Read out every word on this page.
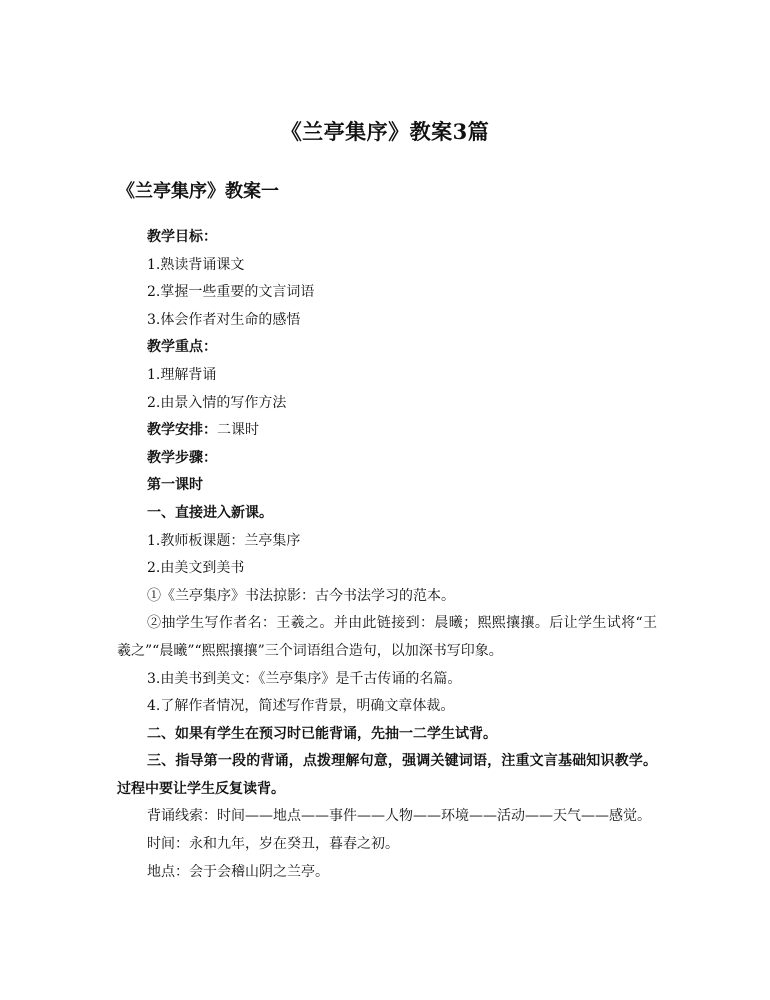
《兰亭集序》教案3篇
《兰亭集序》教案一
教学目标：
1.熟读背诵课文
2.掌握一些重要的文言词语
3.体会作者对生命的感悟
教学重点：
1.理解背诵
2.由景入情的写作方法
教学安排：二课时
教学步骤：
第一课时
一、直接进入新课。
1.教师板课题：兰亭集序
2.由美文到美书
①《兰亭集序》书法掠影：古今书法学习的范本。
②抽学生写作者名：王羲之。并由此链接到：晨曦；熙熙攘攘。后让学生试将“王羲之”“晨曦”“熙熙攘攘”三个词语组合造句，以加深书写印象。
3.由美书到美文：《兰亭集序》是千古传诵的名篇。
4.了解作者情况，简述写作背景，明确文章体裁。
二、如果有学生在预习时已能背诵，先抽一二学生试背。
三、指导第一段的背诵，点拨理解句意，强调关键词语，注重文言基础知识教学。过程中要让学生反复读背。
背诵线索：时间——地点——事件——人物——环境——活动——天气——感觉。
时间：永和九年，岁在癸丑，暮春之初。
地点：会于会稽山阴之兰亭。
